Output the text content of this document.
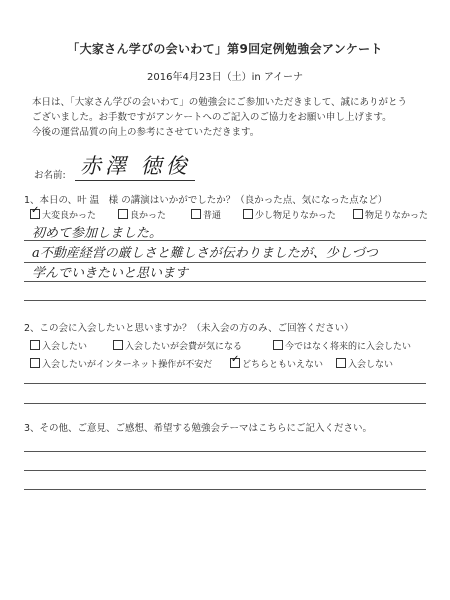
「大家さん学びの会いわて」第9回定例勉強会アンケート
2016年4月23日（土）in アイーナ
本日は、「大家さん学びの会いわて」の勉強会にご参加いただきまして、誠にありがとう
ございました。お手数ですがアンケートへのご記入のご協力をお願い申し上げます。
今後の運営品質の向上の参考にさせていただきます。
お名前: 赤澤 徳俊
1、本日の、叶 温　様 の講演はいかがでしたか？（良かった点、気になった点など）
✓大変良かった	良かった	普通	少し物足りなかった	物足りなかった
初めて参加しました。
a不動産経営の厳しさと難しさが伝わりましたが、少しづつ
学んでいきたいと思います
2、この会に入会したいと思いますか？（未入会の方のみ、ご回答ください）
入会したい	入会したいが会費が気になる	今ではなく将来的に入会したい
入会したいがインターネット操作が不安だ
✓	どちらともいえない	入会しない
3、その他、ご意見、ご感想、希望する勉強会テーマはこちらにご記入ください。
